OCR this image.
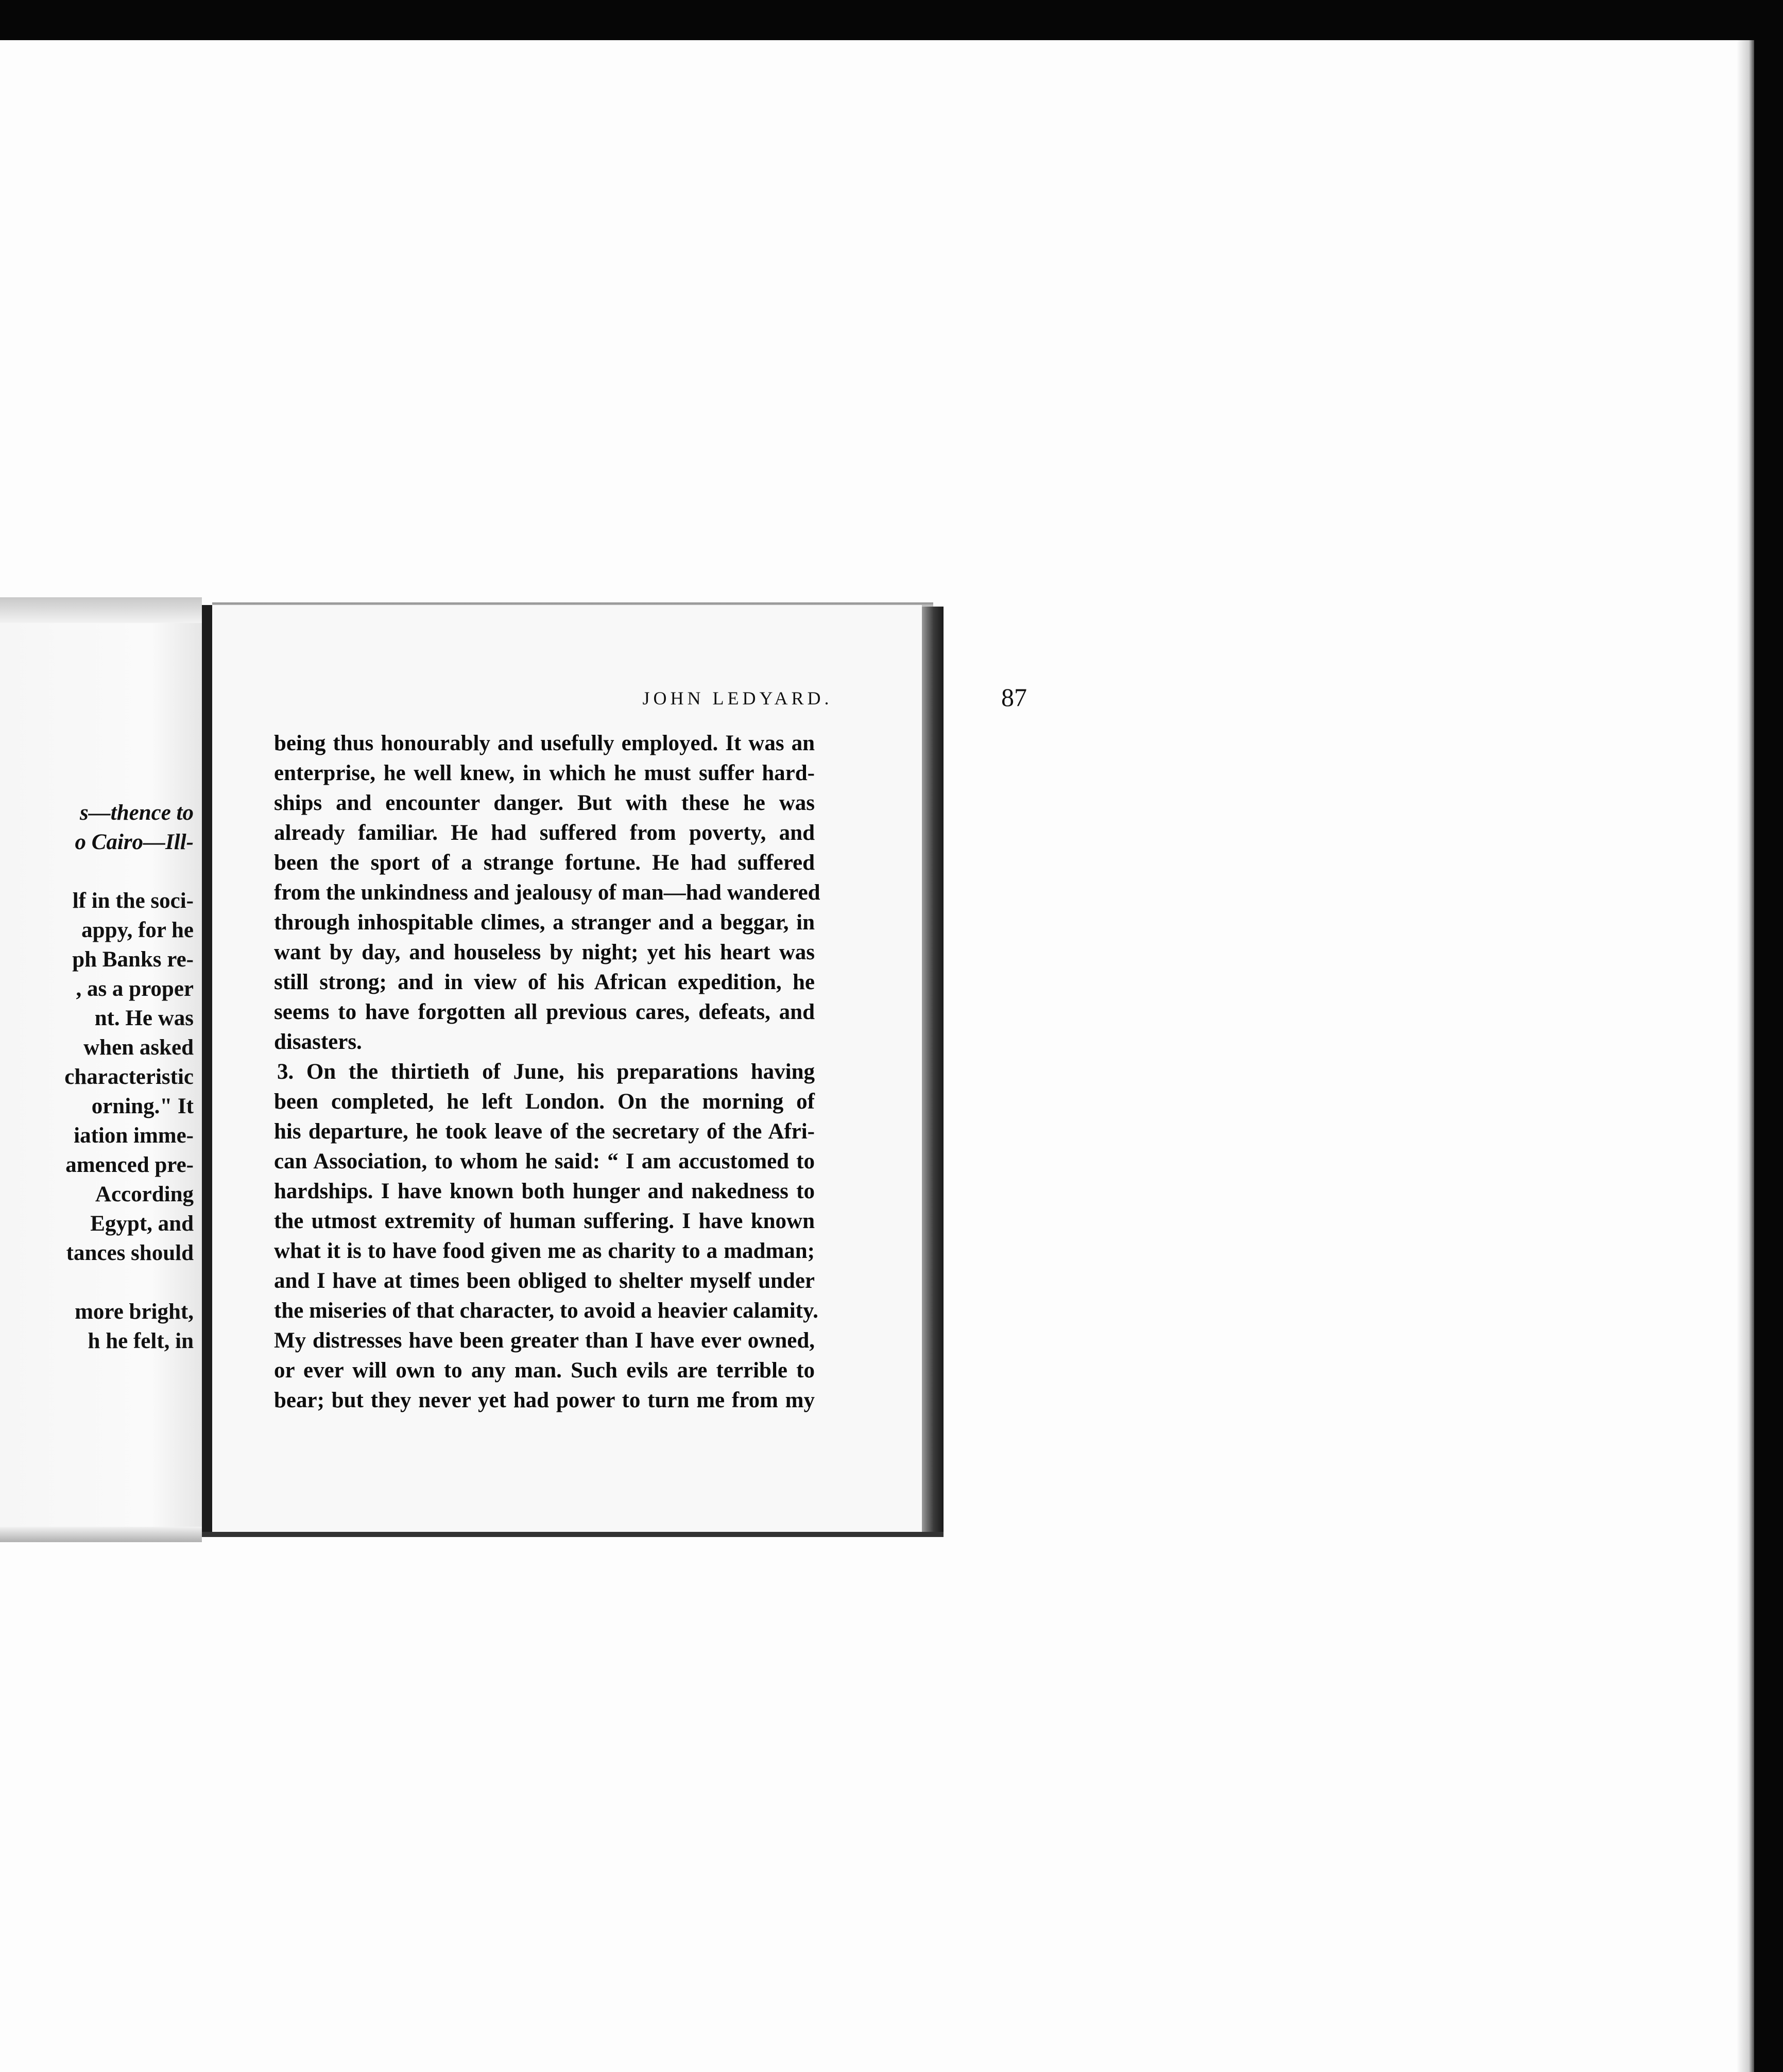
s—thence to
o Cairo—Ill-
lf in the soci-
appy, for he
ph Banks re-
, as a proper
nt. He was
when asked
characteristic
orning." It
iation imme-
amenced pre-
According
Egypt, and
tances should
more bright,
h he felt, in
JOHN LEDYARD.	87
being thus honourably and usefully employed. It was an
enterprise, he well knew, in which he must suffer hard-
ships and encounter danger. But with these he was
already familiar. He had suffered from poverty, and
been the sport of a strange fortune. He had suffered
from the unkindness and jealousy of man—had wandered
through inhospitable climes, a stranger and a beggar, in
want by day, and houseless by night; yet his heart was
still strong; and in view of his African expedition, he
seems to have forgotten all previous cares, defeats, and
disasters.
3. On the thirtieth of June, his preparations having
been completed, he left London. On the morning of
his departure, he took leave of the secretary of the Afri-
can Association, to whom he said: “ I am accustomed to
hardships. I have known both hunger and nakedness to
the utmost extremity of human suffering. I have known
what it is to have food given me as charity to a madman;
and I have at times been obliged to shelter myself under
the miseries of that character, to avoid a heavier calamity.
My distresses have been greater than I have ever owned,
or ever will own to any man. Such evils are terrible to
bear; but they never yet had power to turn me from my
